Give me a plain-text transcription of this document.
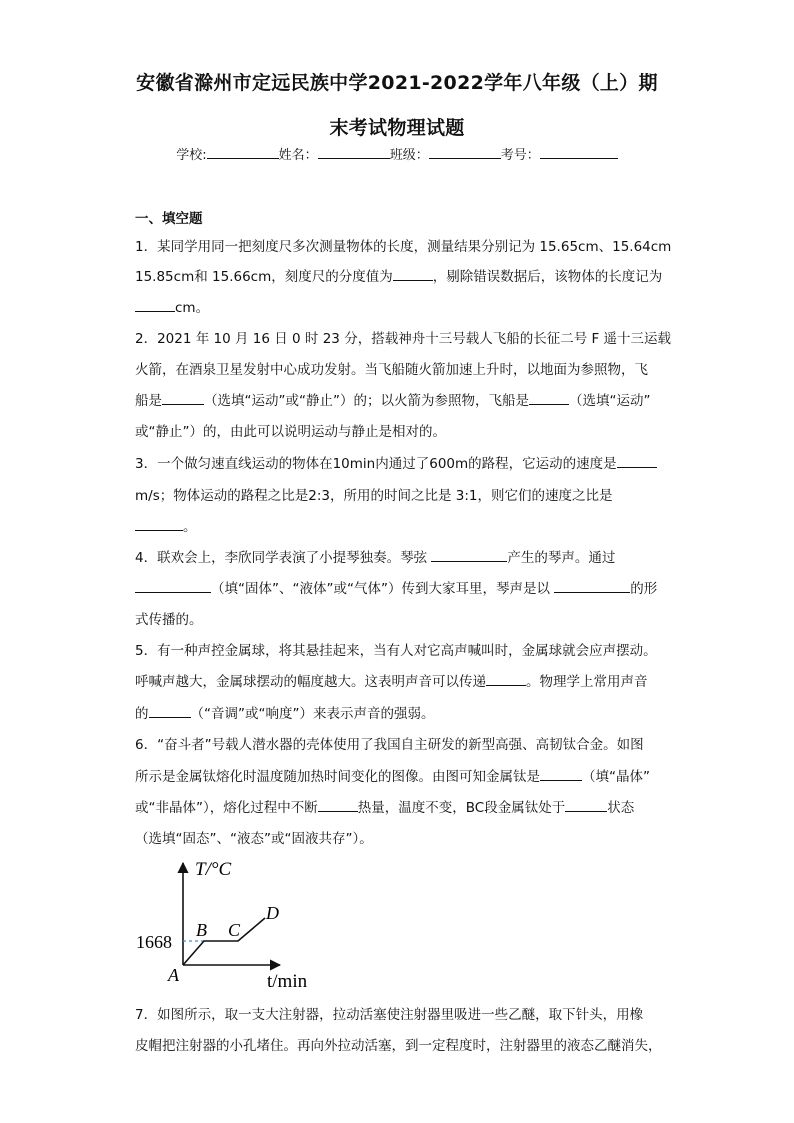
安徽省滁州市定远民族中学2021-2022学年八年级（上）期
末考试物理试题
学校:	姓名：	班级：	考号：
一、填空题
1．某同学用同一把刻度尺多次测量物体的长度，测量结果分别记为 15.65cm、15.64cm
15.85cm和 15.66cm，刻度尺的分度值为	，剔除错误数据后，该物体的长度记为
cm。
2．2021 年 10 月 16 日 0 时 23 分，搭载神舟十三号载人飞船的长征二号 F 遥十三运载
火箭，在酒泉卫星发射中心成功发射。当飞船随火箭加速上升时，以地面为参照物，飞
船是	（选填“运动”或“静止”）的；以火箭为参照物，飞船是	（选填“运动”
或“静止”）的，由此可以说明运动与静止是相对的。
3．一个做匀速直线运动的物体在10min内通过了600m的路程，它运动的速度是
m/s；物体运动的路程之比是2:3，所用的时间之比是 3:1，则它们的速度之比是
。
4．联欢会上，李欣同学表演了小提琴独奏。琴弦	产生的琴声。通过
（填“固体”、“液体”或“气体”）传到大家耳里，琴声是以	的形
式传播的。
5．有一种声控金属球，将其悬挂起来，当有人对它高声喊叫时，金属球就会应声摆动。
呼喊声越大，金属球摆动的幅度越大。这表明声音可以传递	。物理学上常用声音
的	（“音调”或“响度”）来表示声音的强弱。
6．“奋斗者”号载人潜水器的壳体使用了我国自主研发的新型高强、高韧钛合金。如图
所示是金属钛熔化时温度随加热时间变化的图像。由图可知金属钛是	（填“晶体”
或“非晶体”），熔化过程中不断	热量，温度不变，BC段金属钛处于	状态
（选填“固态”、“液态”或“固液共存”）。
T/°C
t/min
1668
A
B C
D
7．如图所示，取一支大注射器，拉动活塞使注射器里吸进一些乙醚，取下针头，用橡
皮帽把注射器的小孔堵住。再向外拉动活塞，到一定程度时，注射器里的液态乙醚消失，
